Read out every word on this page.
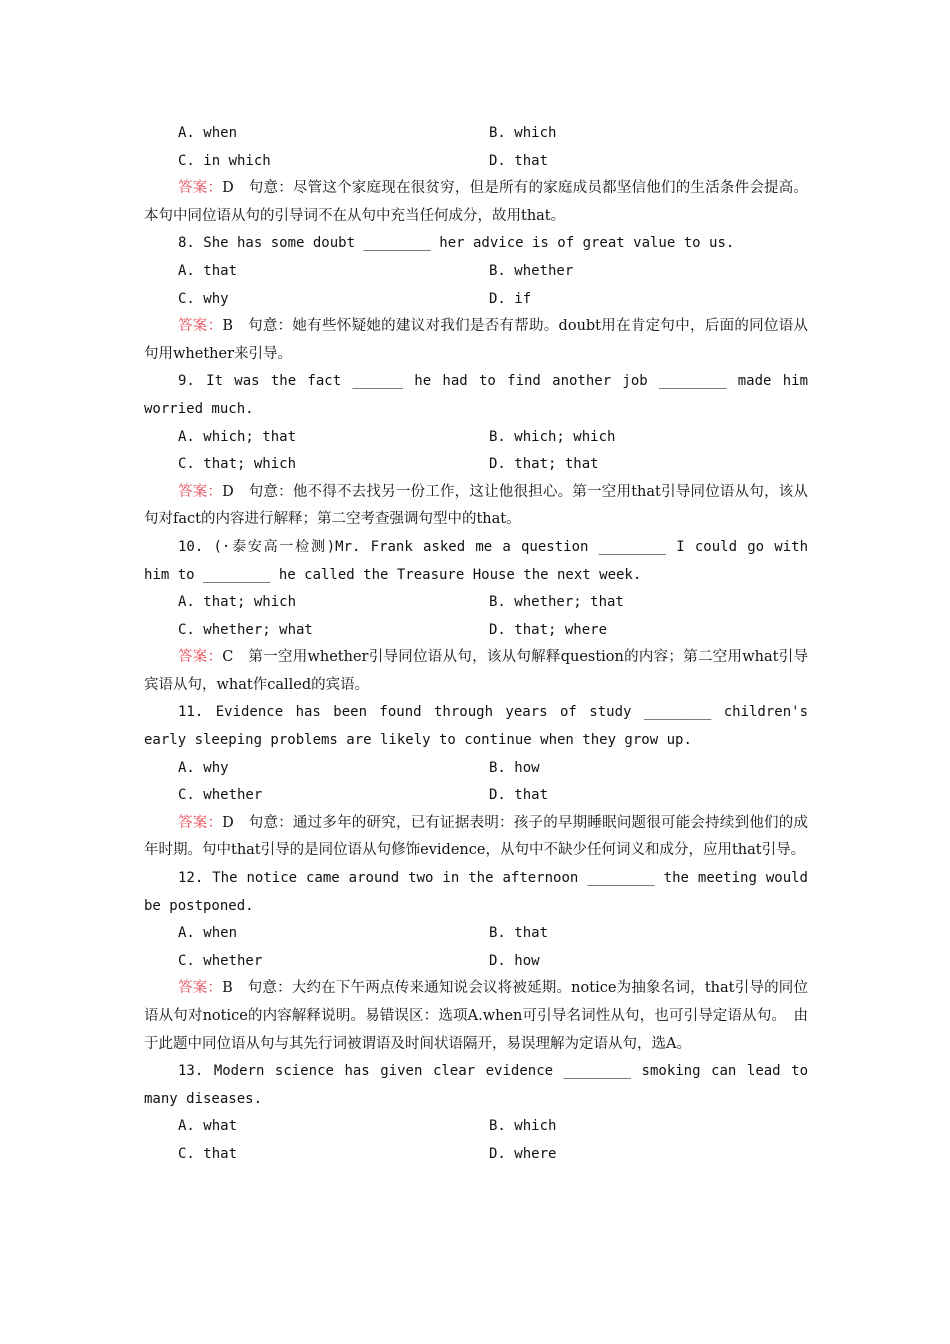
A. when	B. which
C. in which	D. that
答案：D　句意：尽管这个家庭现在很贫穷，但是所有的家庭成员都坚信他们的生活条件会提高。本句中同位语从句的引导词不在从句中充当任何成分，故用that。
8. She has some doubt ________ her advice is of great value to us.
A. that	B. whether
C. why	D. if
答案：B　句意：她有些怀疑她的建议对我们是否有帮助。doubt用在肯定句中，后面的同位语从句用whether来引导。
9. It was the fact ______ he had to find another job ________ made him worried much.
A. which; that	B. which; which
C. that; which	D. that; that
答案：D　句意：他不得不去找另一份工作，这让他很担心。第一空用that引导同位语从句，该从句对fact的内容进行解释；第二空考查强调句型中的that。
10. (·泰安高一检测)Mr. Frank asked me a question ________ I could go with him to ________ he called the Treasure House the next week.
A. that; which	B. whether; that
C. whether; what	D. that; where
答案：C　第一空用whether引导同位语从句，该从句解释question的内容；第二空用what引导宾语从句，what作called的宾语。
11. Evidence has been found through years of study ________ children's early sleeping problems are likely to continue when they grow up.
A. why	B. how
C. whether	D. that
答案：D　句意：通过多年的研究，已有证据表明：孩子的早期睡眠问题很可能会持续到他们的成年时期。句中that引导的是同位语从句修饰evidence，从句中不缺少任何词义和成分，应用that引导。
12. The notice came around two in the afternoon ________ the meeting would be postponed.
A. when	B. that
C. whether	D. how
答案：B　句意：大约在下午两点传来通知说会议将被延期。notice为抽象名词，that引导的同位语从句对notice的内容解释说明。易错误区：选项A.when可引导名词性从句，也可引导定语从句。　由于此题中同位语从句与其先行词被谓语及时间状语隔开，易误理解为定语从句，选A。
13. Modern science has given clear evidence ________ smoking can lead to many diseases.
A. what	B. which
C. that	D. where
